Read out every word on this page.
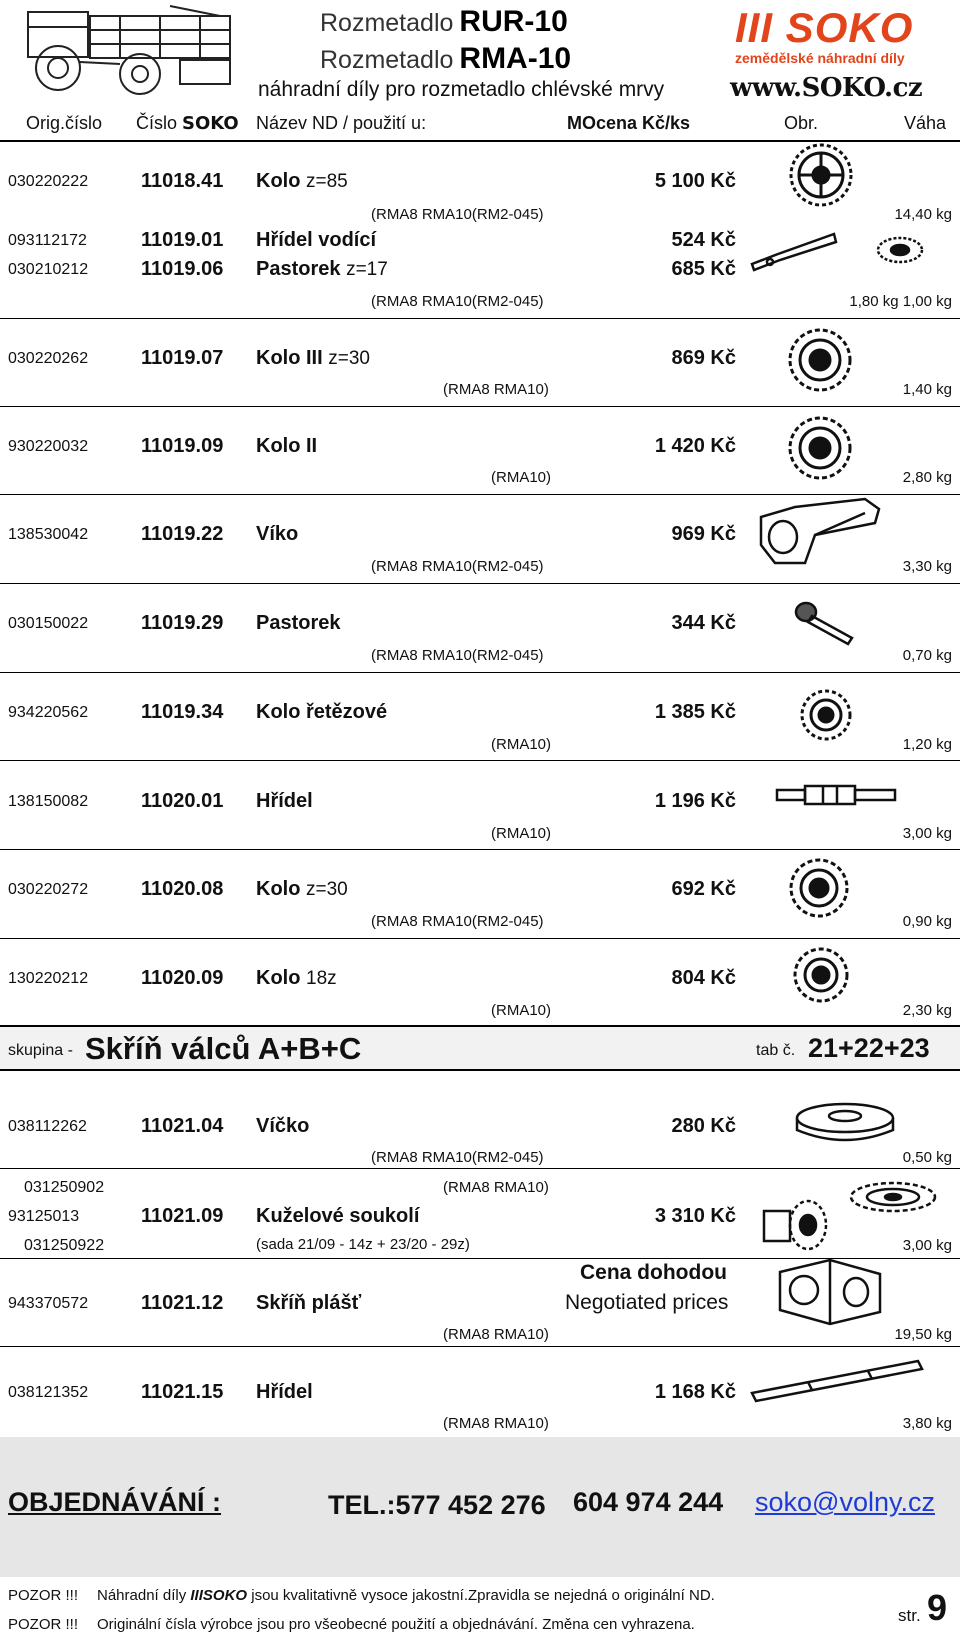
Rozmetadlo RUR-10
Rozmetadlo RMA-10
náhradní díly pro rozmetadlo chlévské mrvy
III SOKO
zemědělské náhradní díly
www.SOKO.cz
Orig.číslo Číslo SOKO Název ND / použití u:	MOcena Kč/ks	Obr.	Váha
030220222	11018.41 Kolo z=85	5 100 Kč
(RMA8 RMA10(RM2-045)	14,40 kg
093112172	11019.01 Hřídel vodící	524 Kč
030210212	11019.06 Pastorek z=17	685 Kč
(RMA8 RMA10(RM2-045)	1,80 kg 1,00 kg
030220262	11019.07 Kolo III z=30	869 Kč
(RMA8 RMA10)	1,40 kg
930220032	11019.09 Kolo II	1 420 Kč
(RMA10)	2,80 kg
138530042	11019.22 Víko	969 Kč
(RMA8 RMA10(RM2-045)	3,30 kg
030150022	11019.29 Pastorek	344 Kč
(RMA8 RMA10(RM2-045)	0,70 kg
934220562	11019.34 Kolo řetězové	1 385 Kč
(RMA10)	1,20 kg
138150082	11020.01 Hřídel	1 196 Kč
(RMA10)	3,00 kg
030220272	11020.08 Kolo z=30	692 Kč
(RMA8 RMA10(RM2-045)	0,90 kg
130220212	11020.09 Kolo 18z	804 Kč
(RMA10)	2,30 kg
skupina - Skříň válců A+B+C	tab č. 21+22+23
038112262	11021.04 Víčko	280 Kč
(RMA8 RMA10(RM2-045)	0,50 kg
031250902	(RMA8 RMA10)
93125013	11021.09 Kuželové soukolí	3 310 Kč
031250922	(sada 21/09 - 14z + 23/20 - 29z)	3,00 kg
Cena dohodou
Negotiated prices
943370572	11021.12 Skříň plášť
(RMA8 RMA10)	19,50 kg
038121352	11021.15 Hřídel	1 168 Kč
(RMA8 RMA10)	3,80 kg
OBJEDNÁVÁNÍ :	TEL.:577 452 276 604 974 244 soko@volny.cz
POZOR !!! Náhradní díly IIISOKO jsou kvalitativně vysoce jakostní.Zpravidla se nejedná o originální ND.
POZOR !!! Originální čísla výrobce jsou pro všeobecné použití a objednávání. Změna cen vyhrazena.	str. 9
